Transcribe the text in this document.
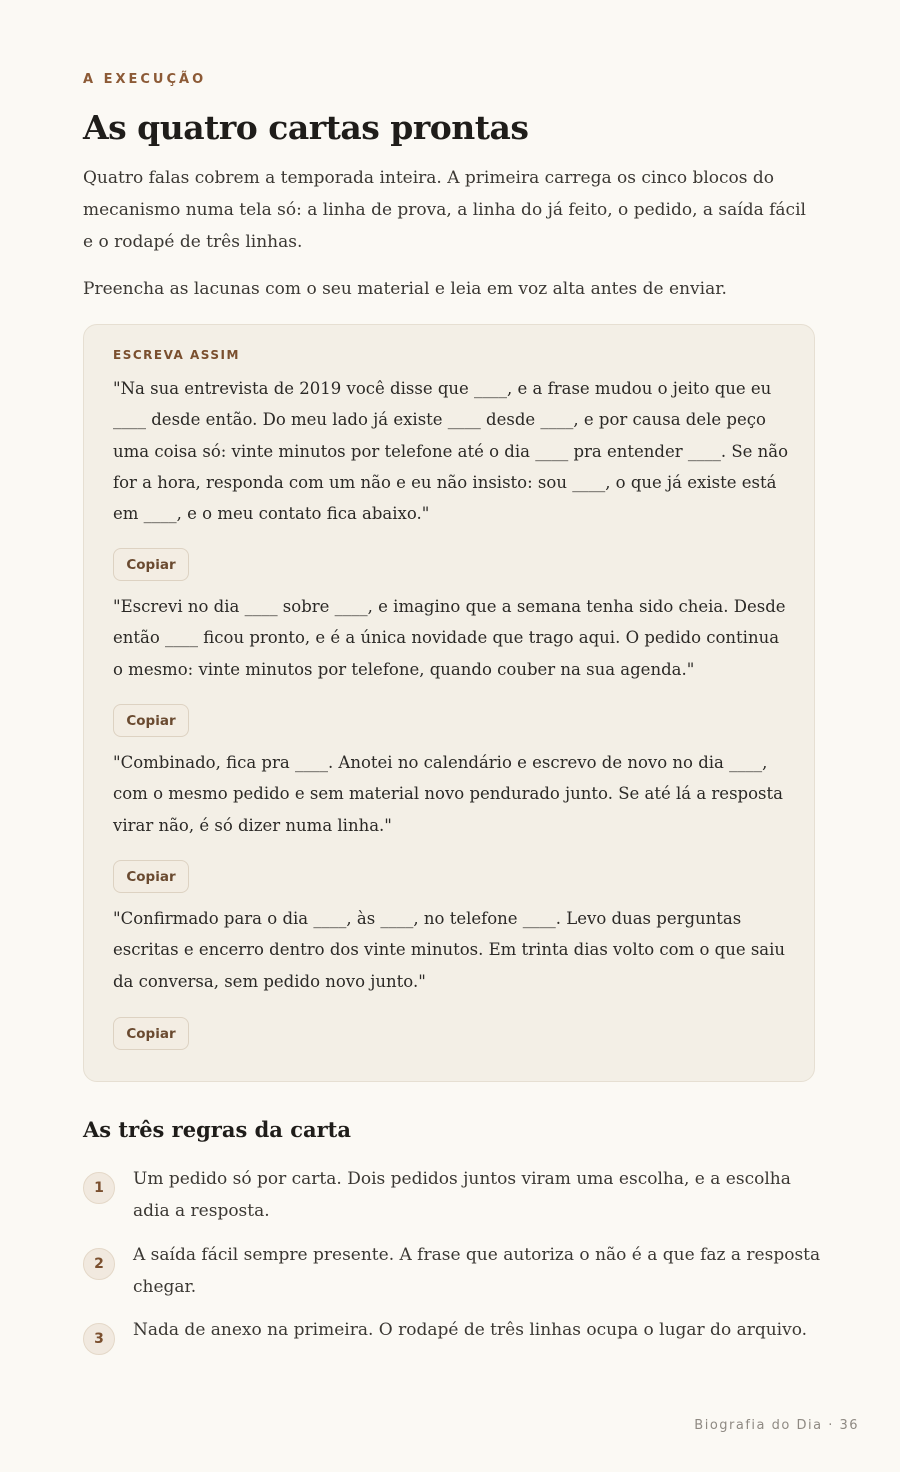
A EXECUÇÃO

As quatro cartas prontas

Quatro falas cobrem a temporada inteira. A primeira carrega os cinco blocos do mecanismo numa tela só: a linha de prova, a linha do já feito, o pedido, a saída fácil e o rodapé de três linhas.

Preencha as lacunas com o seu material e leia em voz alta antes de enviar.

ESCREVA ASSIM

"Na sua entrevista de 2019 você disse que ____, e a frase mudou o jeito que eu ____ desde então. Do meu lado já existe ____ desde ____, e por causa dele peço uma coisa só: vinte minutos por telefone até o dia ____ pra entender ____. Se não for a hora, responda com um não e eu não insisto: sou ____, o que já existe está em ____, e o meu contato fica abaixo."

Copiar

"Escrevi no dia ____ sobre ____, e imagino que a semana tenha sido cheia. Desde então ____ ficou pronto, e é a única novidade que trago aqui. O pedido continua o mesmo: vinte minutos por telefone, quando couber na sua agenda."

Copiar

"Combinado, fica pra ____. Anotei no calendário e escrevo de novo no dia ____, com o mesmo pedido e sem material novo pendurado junto. Se até lá a resposta virar não, é só dizer numa linha."

Copiar

"Confirmado para o dia ____, às ____, no telefone ____. Levo duas perguntas escritas e encerro dentro dos vinte minutos. Em trinta dias volto com o que saiu da conversa, sem pedido novo junto."

Copiar
As três regras da carta
1	Um pedido só por carta. Dois pedidos juntos viram uma escolha, e a escolha adia a resposta.

2	A saída fácil sempre presente. A frase que autoriza o não é a que faz a resposta chegar.

3	Nada de anexo na primeira. O rodapé de três linhas ocupa o lugar do arquivo.

Biografia do Dia · 36
